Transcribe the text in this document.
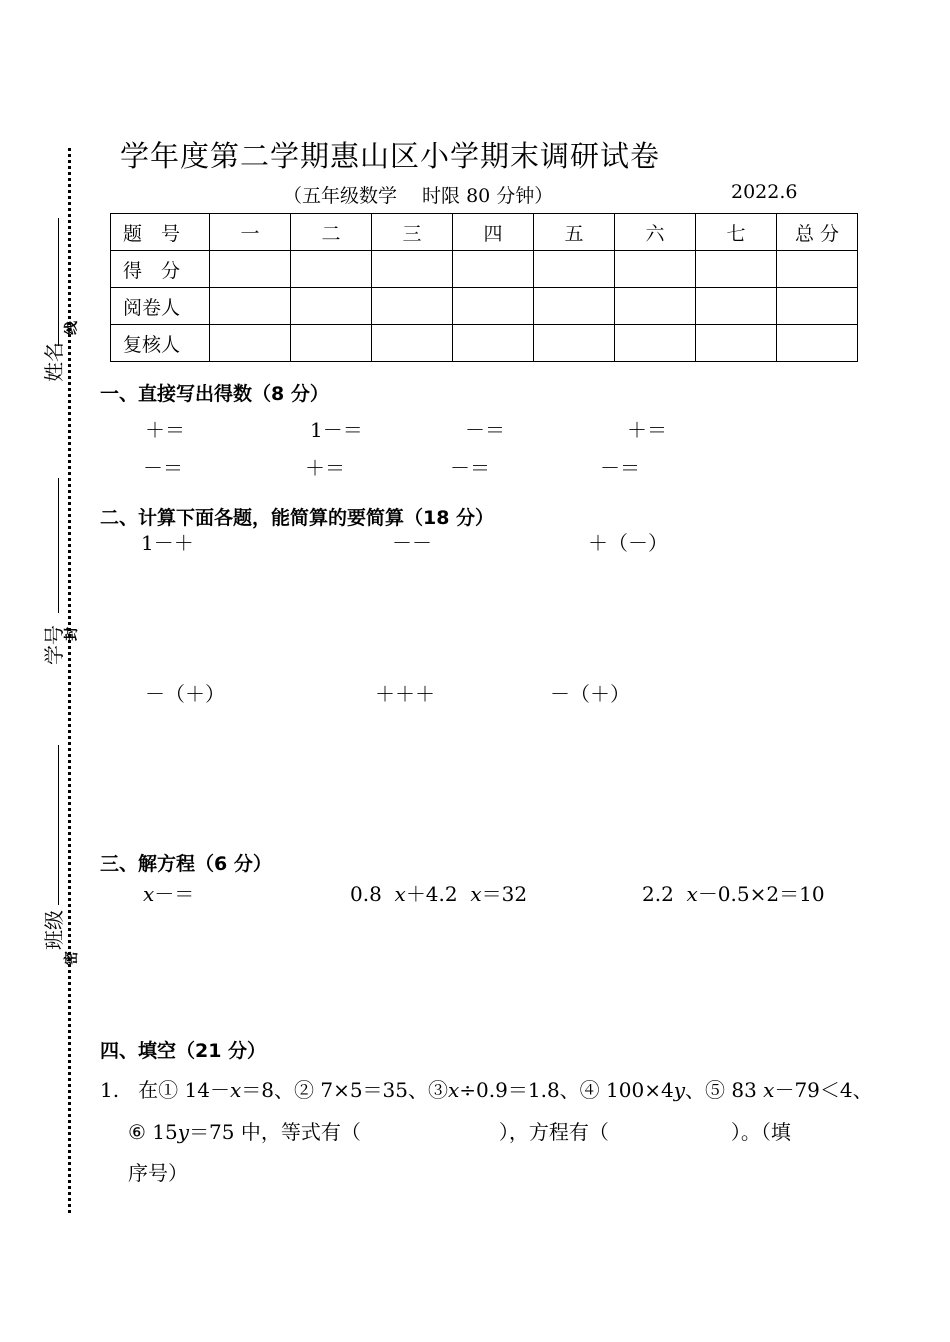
学年度第二学期惠山区小学期末调研试卷
（五年级数学　 时限 80 分钟）	2022.6
题　号	一	二	三	四	五	六	七	总 分
得　分								
阅卷人								
复核人								
姓名
线
学号
封
班级
密
一、直接写出得数（8 分）
＋＝	1－＝	－＝	＋＝
－＝	＋＝	－＝	－＝
二、计算下面各题，能简算的要简算（18 分）
1－＋	－－	＋（－）
－（＋）	＋＋＋	－（＋）
三、解方程（6 分）
x－＝	0.8 x＋4.2 x＝32	2.2 x－0.5×2＝10
四、填空（21 分）
1. 在① 14－x＝8、② 7×5＝35、③x÷0.9＝1.8、④ 100×4y、⑤ 83 x－79＜4、
⑥ 15y＝75 中，等式有（	），方程有（	）。（填
序号）
